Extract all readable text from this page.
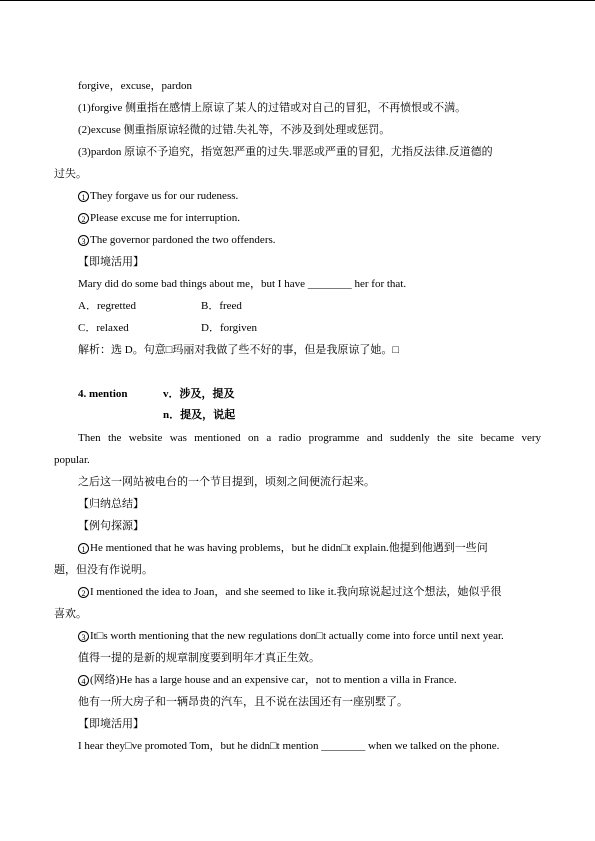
forgive，excuse，pardon
(1)forgive 侧重指在感情上原谅了某人的过错或对自己的冒犯，不再愤恨或不满。
(2)excuse 侧重指原谅轻微的过错.失礼等，不涉及到处理或惩罚。
(3)pardon 原谅不予追究，指宽恕严重的过失.罪恶或严重的冒犯，尤指反法律.反道德的
过失。
1 They forgave us for our rudeness.
2 Please excuse me for interruption.
3 The governor pardoned the two offenders.
【即境活用】
Mary did do some bad things about me，but I have ________ her for that.
A．regretted	B．freed
C．relaxed	D．forgiven
解析：选 D。句意□玛丽对我做了些不好的事，但是我原谅了她。□
4. mention	v．涉及，提及
n．提及，说起
Then the website was mentioned on a radio programme and suddenly the site became very
popular.
之后这一网站被电台的一个节目提到，顷刻之间便流行起来。
【归纳总结】
【例句探源】
1 He mentioned that he was having problems，but he didn□t explain.他提到他遇到一些问
题，但没有作说明。
2 I mentioned the idea to Joan，and she seemed to like it.我向琼说起过这个想法，她似乎很
喜欢。
3 It□s worth mentioning that the new regulations don□t actually come into force until next year.
值得一提的是新的规章制度要到明年才真正生效。
4 (网络)He has a large house and an expensive car，not to mention a villa in France.
他有一所大房子和一辆昂贵的汽车，且不说在法国还有一座别墅了。
【即境活用】
I hear they□ve promoted Tom，but he didn□t mention ________ when we talked on the phone.
